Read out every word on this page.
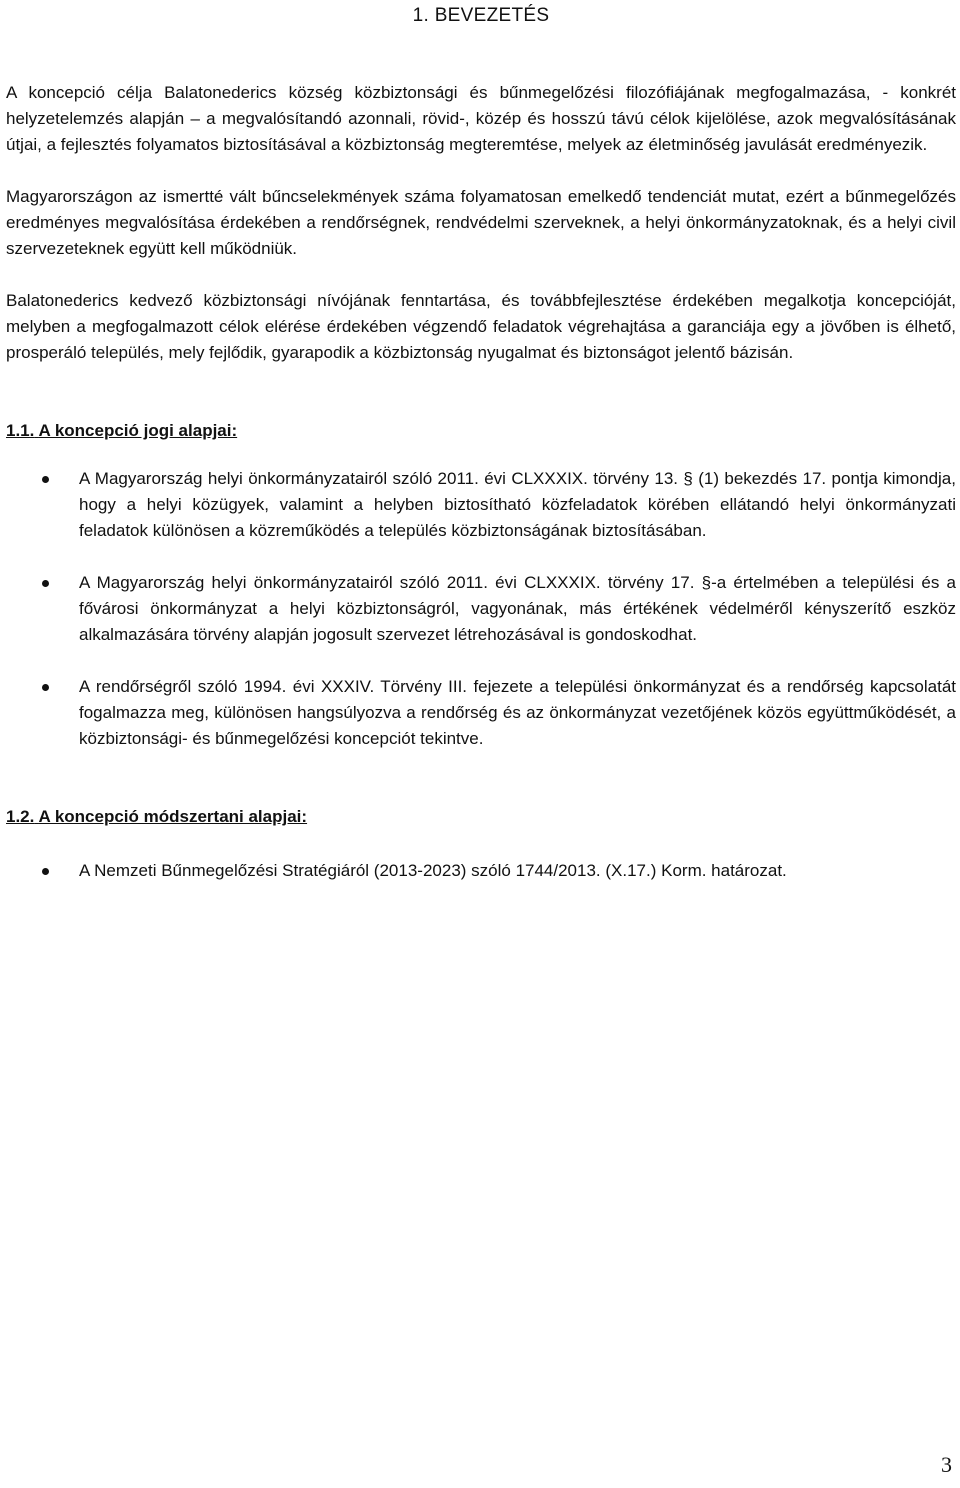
1. BEVEZETÉS

A koncepció célja Balatonederics község közbiztonsági és bűnmegelőzési filozófiájának megfogalmazása, - konkrét helyzetelemzés alapján – a megvalósítandó azonnali, rövid-, közép és hosszú távú célok kijelölése, azok megvalósításának útjai, a fejlesztés folyamatos biztosításával a közbiztonság megteremtése, melyek az életminőség javulását eredményezik.

Magyarországon az ismertté vált bűncselekmények száma folyamatosan emelkedő tendenciát mutat, ezért a bűnmegelőzés eredményes megvalósítása érdekében a rendőrségnek, rendvédelmi szerveknek, a helyi önkormányzatoknak, és a helyi civil szervezeteknek együtt kell működniük.

Balatonederics kedvező közbiztonsági nívójának fenntartása, és továbbfejlesztése érdekében megalkotja koncepcióját, melyben a megfogalmazott célok elérése érdekében végzendő feladatok végrehajtása a garanciája egy a jövőben is élhető, prosperáló település, mely fejlődik, gyarapodik a közbiztonság nyugalmat és biztonságot jelentő bázisán.

1.1. A koncepció jogi alapjai:
A Magyarország helyi önkormányzatairól szóló 2011. évi CLXXXIX. törvény 13. § (1) bekezdés 17. pontja kimondja, hogy a helyi közügyek, valamint a helyben biztosítható közfeladatok körében ellátandó helyi önkormányzati feladatok különösen a közreműködés a település közbiztonságának biztosításában.
A Magyarország helyi önkormányzatairól szóló 2011. évi CLXXXIX. törvény 17. §-a értelmében a települési és a fővárosi önkormányzat a helyi közbiztonságról, vagyonának, más értékének védelméről kényszerítő eszköz alkalmazására törvény alapján jogosult szervezet létrehozásával is gondoskodhat.
A rendőrségről szóló 1994. évi XXXIV. Törvény III. fejezete a települési önkormányzat és a rendőrség kapcsolatát fogalmazza meg, különösen hangsúlyozva a rendőrség és az önkormányzat vezetőjének közös együttműködését, a közbiztonsági- és bűnmegelőzési koncepciót tekintve.
1.2. A koncepció módszertani alapjai:
A Nemzeti Bűnmegelőzési Stratégiáról (2013-2023) szóló 1744/2013. (X.17.) Korm. határozat.
3
